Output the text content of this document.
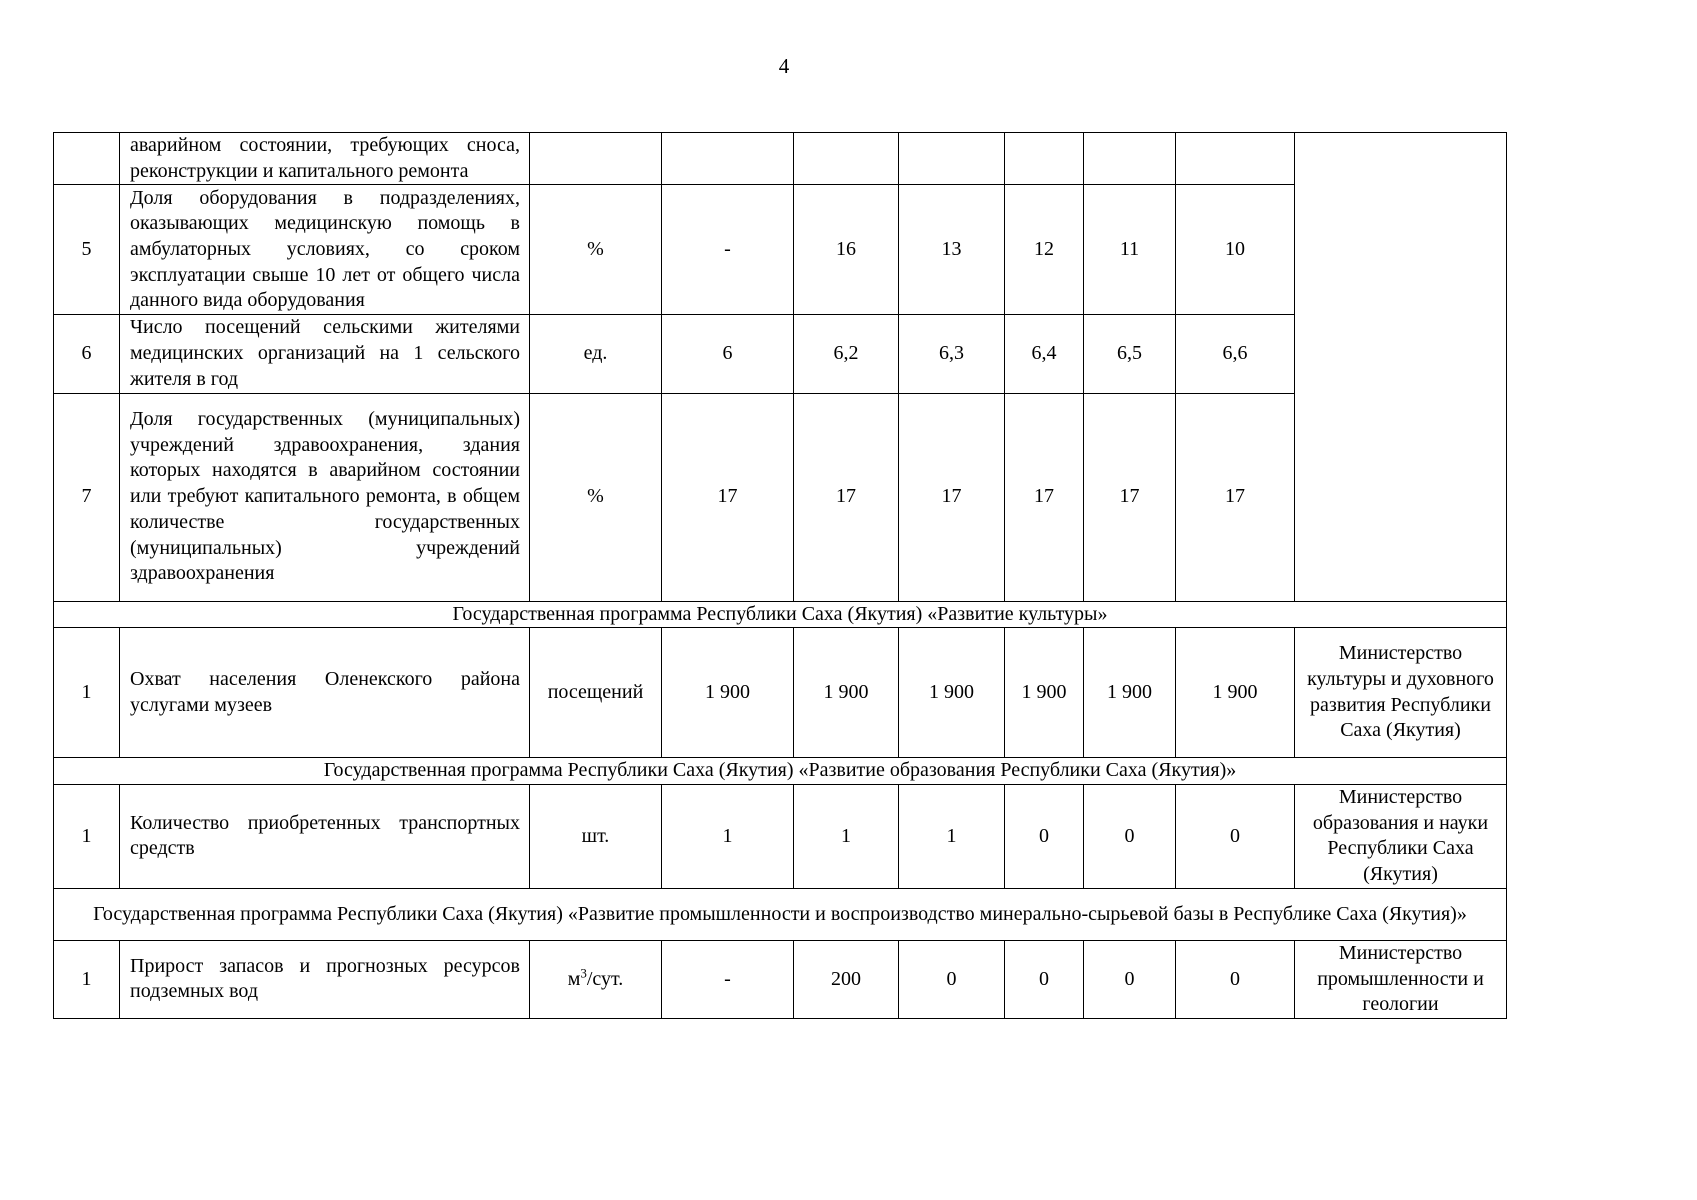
4
	аварийном состоянии, требующих сноса, реконструкции и капитального ремонта								
5	Доля оборудования в подразделениях, оказывающих медицинскую помощь в амбулаторных условиях, со сроком эксплуатации свыше 10 лет от общего числа данного вида оборудования	%	-	16	13	12	11	10	
6	Число посещений сельскими жителями медицинских организаций на 1 сельского жителя в год	ед.	6	6,2	6,3	6,4	6,5	6,6	
7	Доля государственных (муниципальных) учреждений здравоохранения, здания которых находятся в аварийном состоянии или требуют капитального ремонта, в общем количестве государственных (муниципальных) учреждений здравоохранения	%	17	17	17	17	17	17	
Государственная программа Республики Саха (Якутия) «Развитие культуры»									
1	Охват населения Оленекского района услугами музеев	посещений	1 900	1 900	1 900	1 900	1 900	1 900	Министерство культуры и духовного развития Республики Саха (Якутия)
Государственная программа Республики Саха (Якутия) «Развитие образования Республики Саха (Якутия)»									
1	Количество приобретенных транспортных средств	шт.	1	1	1	0	0	0	Министерство образования и науки Республики Саха (Якутия)
Государственная программа Республики Саха (Якутия) «Развитие промышленности и воспроизводство минерально-сырьевой базы в Республике Саха (Якутия)»									
1	Прирост запасов и прогнозных ресурсов подземных вод	$м^3$/сут.	-	200	0	0	0	0	Министерство промышленности и геологии
